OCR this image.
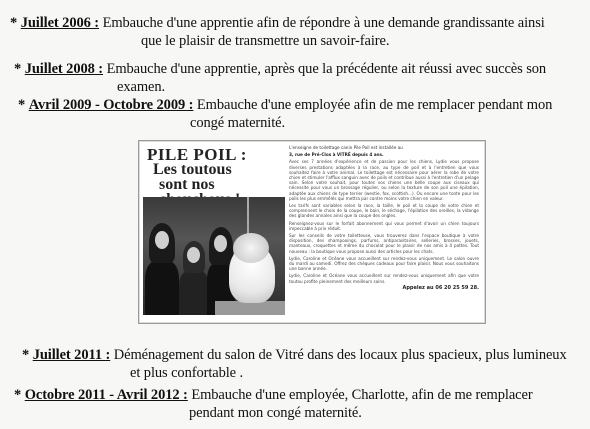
* Juillet 2006 : Embauche d'une apprentie afin de répondre à une demande grandissante ainsi
que le plaisir de transmettre un savoir-faire.
* Juillet 2008 : Embauche d'une apprentie, après que la précédente ait réussi avec succès son
examen.
* Avril 2009 - Octobre 2009 : Embauche d'une employée afin de me remplacer pendant mon
congé maternité.
PILE POIL :
Les toutous
sont nos

L'enseigne de toilettage canin Pile Poil est installée au

3, rue de Pré-Clos à VITRÉ depuis 4 ans.

Avec ses 7 années d'expérience et de passion pour les chiens, Lydie vous propose diverses prestations adaptées à la race, au type de poil et à l'entretien que vous souhaitez faire à votre animal. Le toilettage est nécessaire pour aérer la robe de votre chien et stimuler l'afflux sanguin avec de poils et contribue aussi à l'entretien d'un pelage sain. Selon votre souhait, pour toutes vos chiens une belle coupe aux ciseaux qui nécessite pour vous un brossage régulier, ou selon la texture de son poil une épilation, adaptée aux chiens de type terrier (westie, fox, scottish...). Ou encore une tonte pour les poils les plus emmêlés qui mettra par contre moins votre chien en valeur.

Les tarifs sont variables selon la race, la taille, le poil et la coupe de votre chien et comprennent le choix de la coupe, le bain, le séchage, l'épilation des oreilles, la vidange des glandes annales ainsi que la coupe des ongles.

Renseignez-vous sur le forfait abonnement qui vous permet d'avoir un chien toujours impeccable à prix réduit.

Sur les conseils de votre toiletteuse, vous trouverez dans l'espace boutique à votre disposition, des shampooings, parfums, antiparasitaires, selleries, brosses, jouets, manteaux, croquettes et même du chocolat pour le plaisir de nos amis à 4 pattes. Tout nouveau : la boutique vous propose aussi des articles pour les chats.

Lydie, Caroline et Océane vous accueillent sur rendez-vous uniquement. Le salon ouvre du mardi au samedi. Offrez des chèques cadeaux pour faire plaisir. Nous vous souhaitons une bonne année.

Lydie, Caroline et Océane vous accueillent sur rendez-vous uniquement afin que votre toutou profite pleinement des meilleurs soins.

Appelez au 06 20 25 59 28.

* Juillet 2011 : Déménagement du salon de Vitré dans des locaux plus spacieux, plus lumineux
et plus confortable .
* Octobre 2011 - Avril 2012 : Embauche d'une employée, Charlotte, afin de me remplacer
pendant mon congé maternité.
